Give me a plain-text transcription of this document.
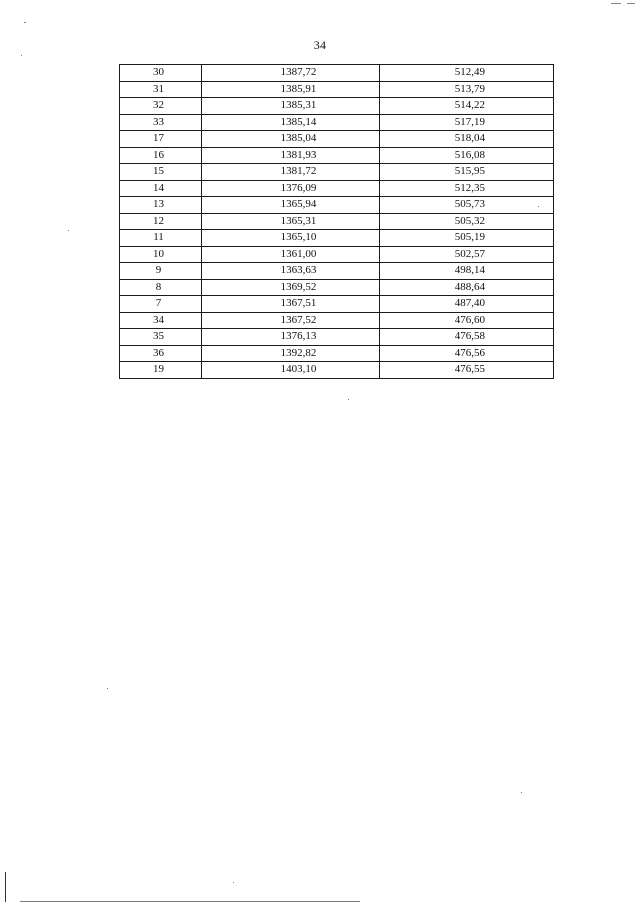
34
30	1387,72	512,49
31	1385,91	513,79
32	1385,31	514,22
33	1385,14	517,19
17	1385,04	518,04
16	1381,93	516,08
15	1381,72	515,95
14	1376,09	512,35
13	1365,94	505,73
12	1365,31	505,32
11	1365,10	505,19
10	1361,00	502,57
9	1363,63	498,14
8	1369,52	488,64
7	1367,51	487,40
34	1367,52	476,60
35	1376,13	476,58
36	1392,82	476,56
19	1403,10	476,55
